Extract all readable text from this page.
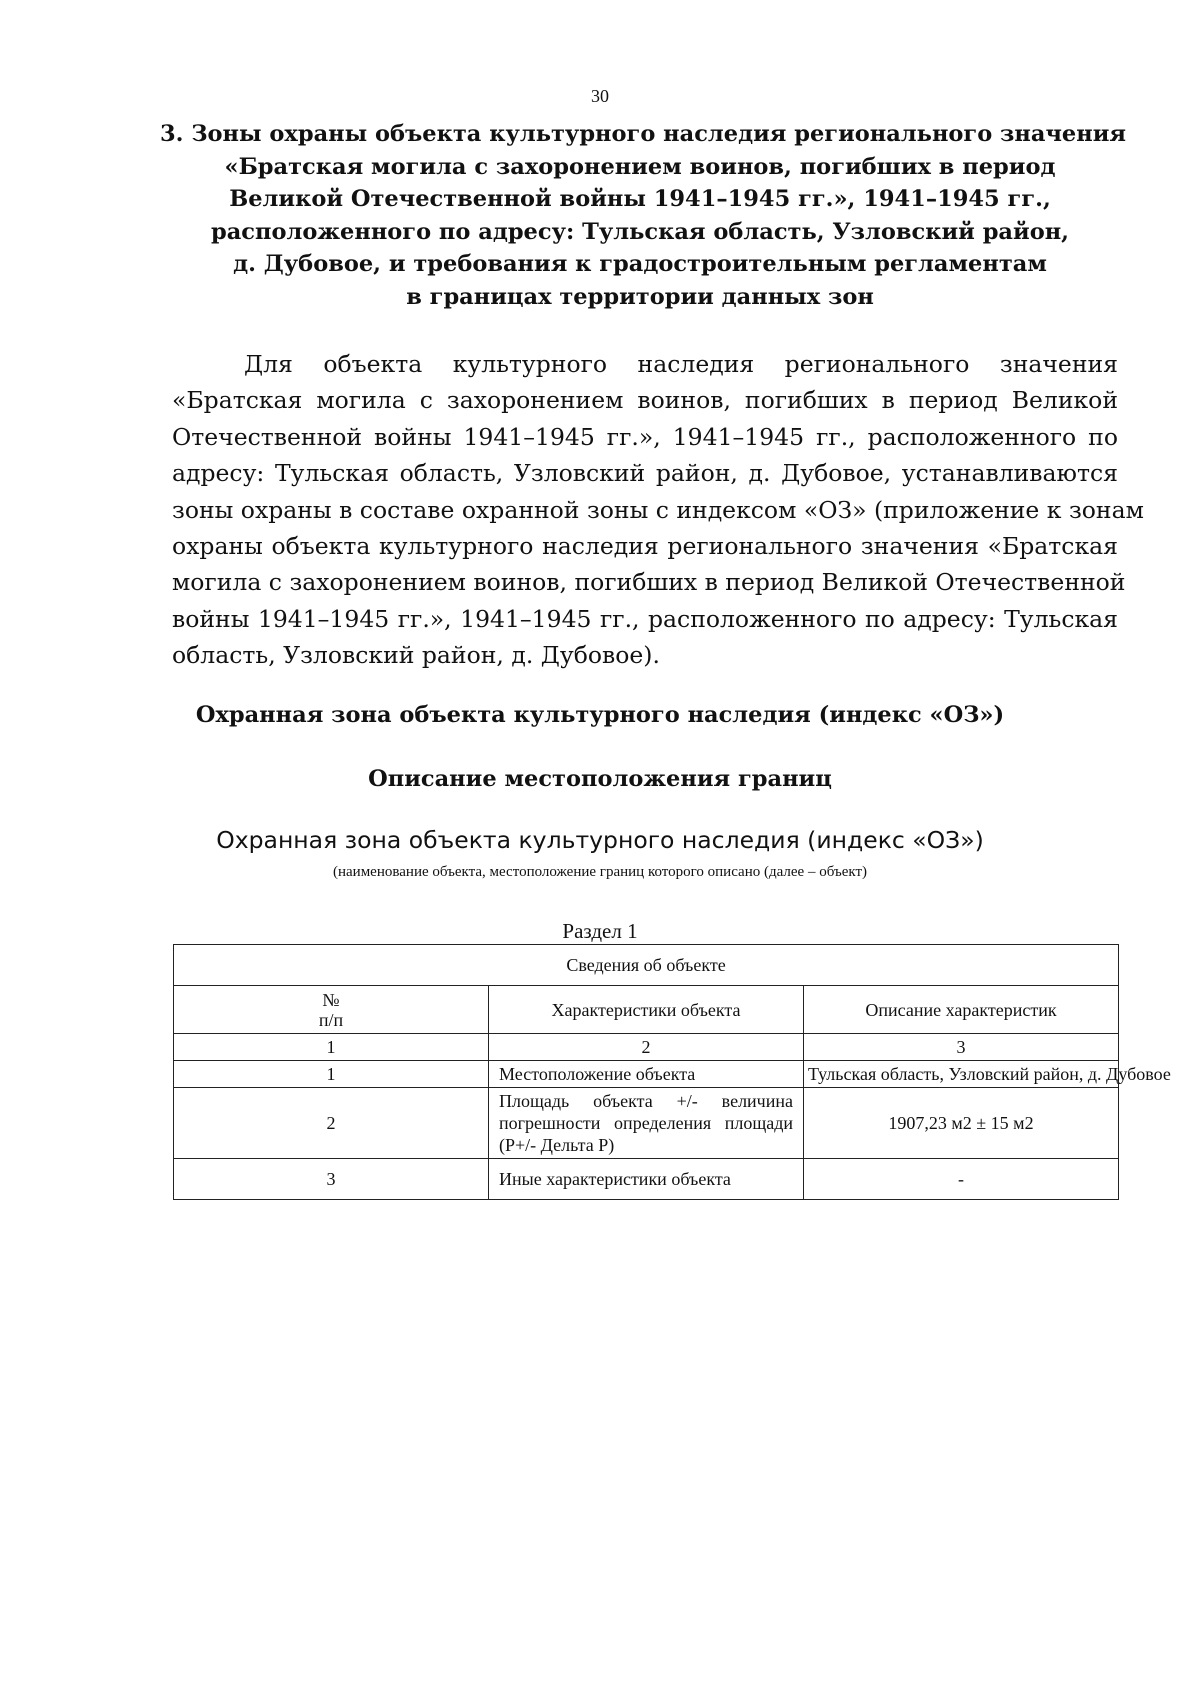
30
3. Зоны охраны объекта культурного наследия регионального значения
«Братская могила с захоронением воинов, погибших в период
Великой Отечественной войны 1941–1945 гг.», 1941–1945 гг.,
расположенного по адресу: Тульская область, Узловский район,
д. Дубовое, и требования к градостроительным регламентам
в границах территории данных зон
Для объекта культурного наследия регионального значения
«Братская могила с захоронением воинов, погибших в период Великой
Отечественной войны 1941–1945 гг.», 1941–1945 гг., расположенного по
адресу: Тульская область, Узловский район, д. Дубовое, устанавливаются
зоны охраны в составе охранной зоны с индексом «ОЗ» (приложение к зонам
охраны объекта культурного наследия регионального значения «Братская
могила с захоронением воинов, погибших в период Великой Отечественной
войны 1941–1945 гг.», 1941–1945 гг., расположенного по адресу: Тульская
область, Узловский район, д. Дубовое).
Охранная зона объекта культурного наследия (индекс «ОЗ»)
Описание местоположения границ
Охранная зона объекта культурного наследия (индекс «ОЗ»)
(наименование объекта, местоположение границ которого описано (далее – объект)
Раздел 1
Сведения об объекте		

№
п/п	Характеристики объекта	Описание характеристик
1	2	3
1	Местоположение объекта	Тульская область, Узловский район, д. Дубовое
2	Площадь объекта +/- величина погрешности определения площади (Р+/- Дельта Р)	1907,23 м2 ± 15 м2
3	Иные характеристики объекта	-
